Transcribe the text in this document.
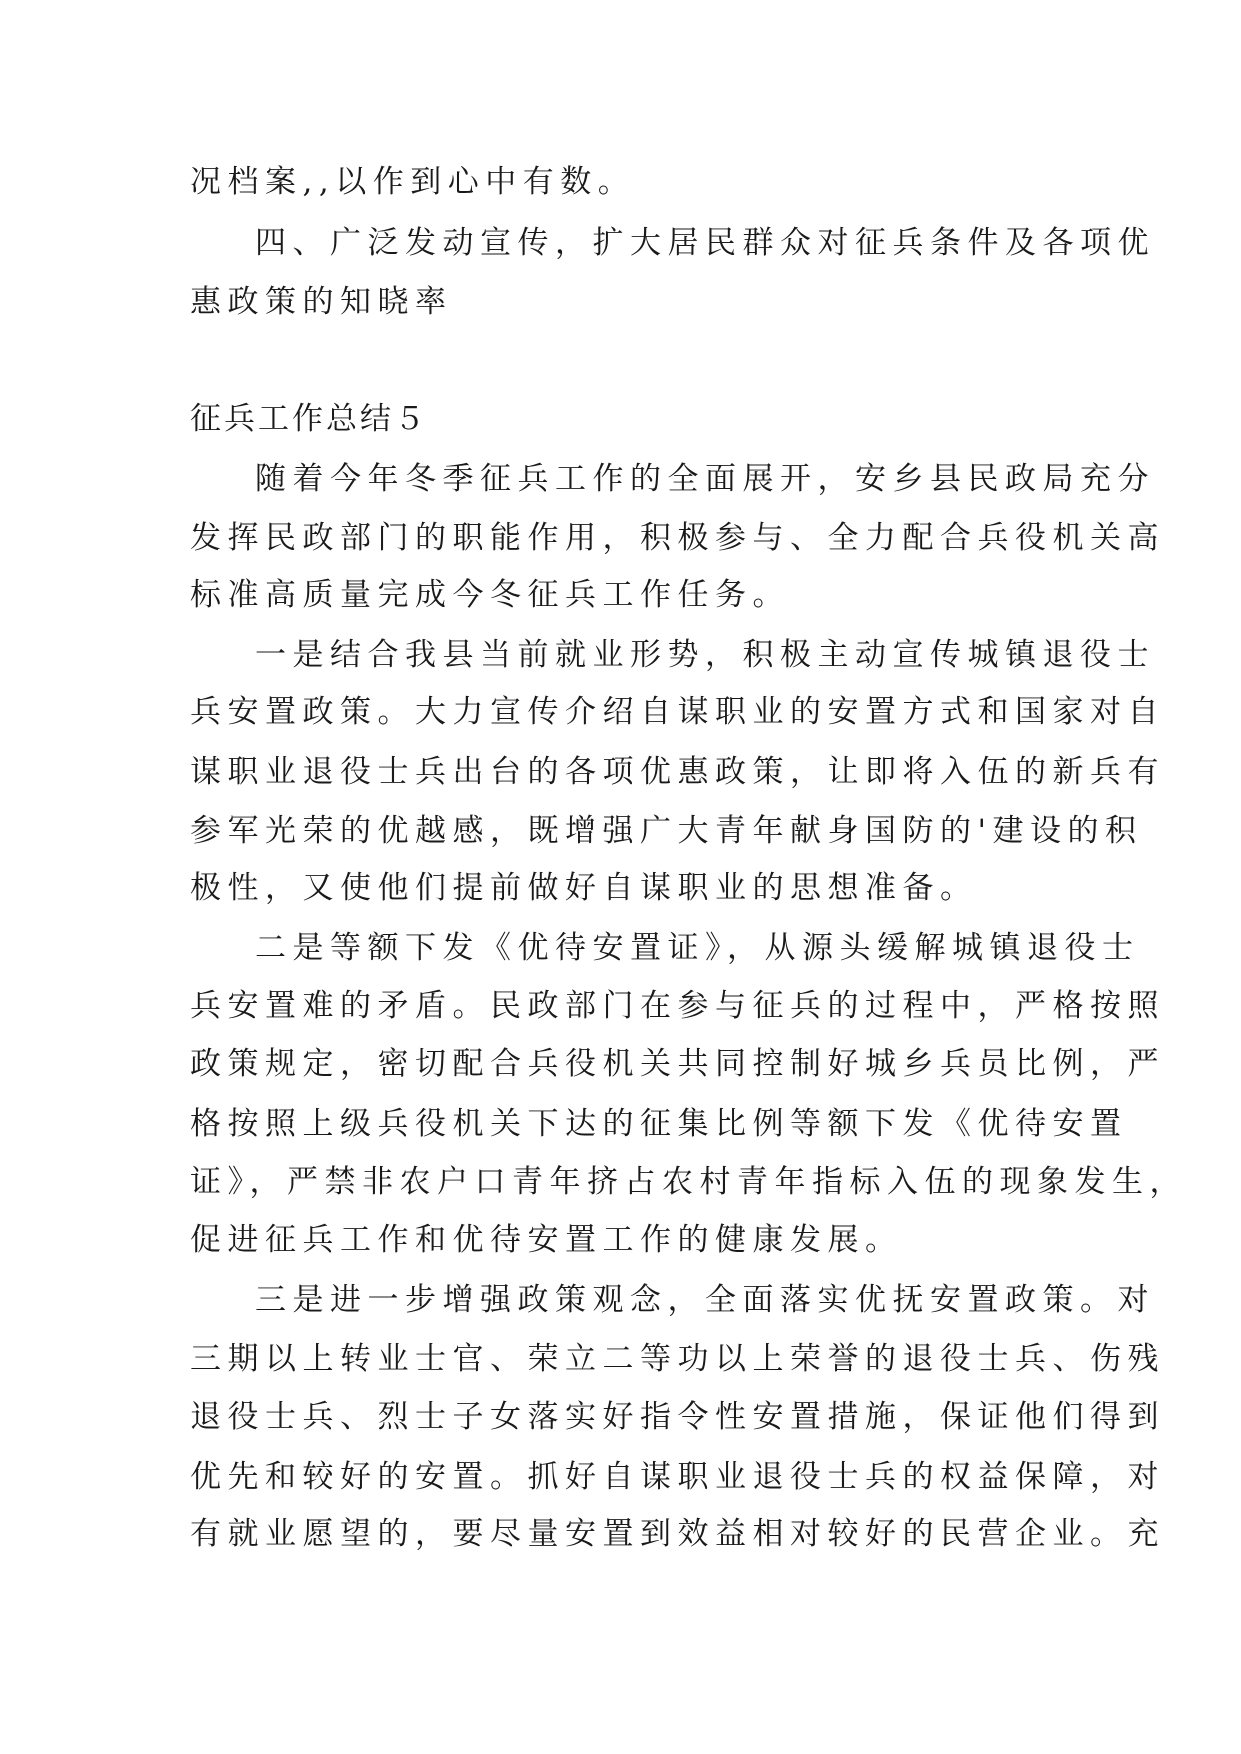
况档案,,以作到心中有数。

四、广泛发动宣传，扩大居民群众对征兵条件及各项优

惠政策的知晓率

征兵工作总结５

随着今年冬季征兵工作的全面展开，安乡县民政局充分

发挥民政部门的职能作用，积极参与、全力配合兵役机关高

标准高质量完成今冬征兵工作任务。

一是结合我县当前就业形势，积极主动宣传城镇退役士

兵安置政策。大力宣传介绍自谋职业的安置方式和国家对自

谋职业退役士兵出台的各项优惠政策，让即将入伍的新兵有

参军光荣的优越感，既增强广大青年献身国防的'建设的积

极性，又使他们提前做好自谋职业的思想准备。

二是等额下发《优待安置证》，从源头缓解城镇退役士

兵安置难的矛盾。民政部门在参与征兵的过程中，严格按照

政策规定，密切配合兵役机关共同控制好城乡兵员比例，严

格按照上级兵役机关下达的征集比例等额下发《优待安置

证》，严禁非农户口青年挤占农村青年指标入伍的现象发生，

促进征兵工作和优待安置工作的健康发展。

三是进一步增强政策观念，全面落实优抚安置政策。对

三期以上转业士官、荣立二等功以上荣誉的退役士兵、伤残

退役士兵、烈士子女落实好指令性安置措施，保证他们得到

优先和较好的安置。抓好自谋职业退役士兵的权益保障，对

有就业愿望的，要尽量安置到效益相对较好的民营企业。充
